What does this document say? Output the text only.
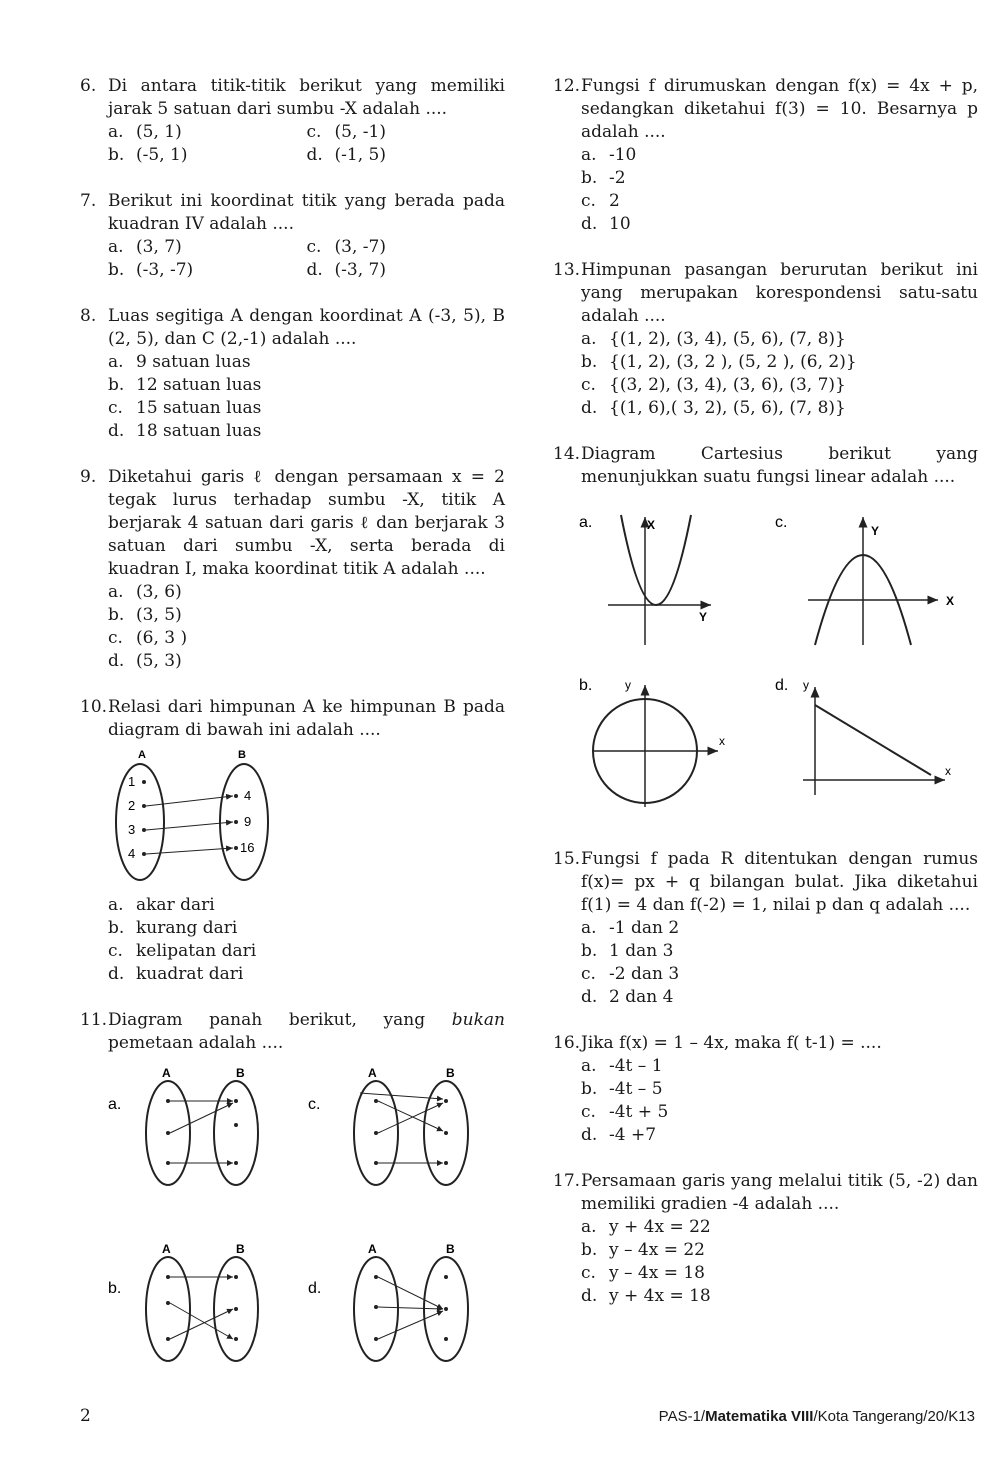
6. Di antara titik-titik berikut yang memiliki jarak 5 satuan dari sumbu -X adalah ....
a. (5, 1)	c. (5, -1)
b. (-5, 1)	d. (-1, 5)
7. Berikut ini koordinat titik yang berada pada kuadran IV adalah ....
a. (3, 7)	c. (3, -7)
b. (-3, -7)	d. (-3, 7)
8. Luas segitiga A dengan koordinat A (-3, 5), B (2, 5), dan C (2,-1) adalah ....
a. 9 satuan luas
b. 12 satuan luas
c. 15 satuan luas
d. 18 satuan luas
9. Diketahui garis ℓ dengan persamaan x = 2 tegak lurus terhadap sumbu -X, titik A berjarak 4 satuan dari garis ℓ dan berjarak 3 satuan dari sumbu -X, serta berada di kuadran I, maka koordinat titik A adalah ....
a. (3, 6)
b. (3, 5)
c. (6, 3 )
d. (5, 3)
10. Relasi dari himpunan A ke himpunan B pada diagram di bawah ini adalah ....
A	B
1
2
3
4
4
9
16
a. akar dari
b. kurang dari
c. kelipatan dari
d. kuadrat dari
11. Diagram panah berikut, yang bukan pemetaan adalah ....
a.
A	B
c.
A	B
b.
A	B
d.
A	B
12. Fungsi f dirumuskan dengan f(x) = 4x + p, sedangkan diketahui f(3) = 10. Besarnya p adalah ....
a. -10
b. -2
c. 2
d. 10
13. Himpunan pasangan berurutan berikut ini yang merupakan korespondensi satu-satu adalah ....
a. {(1, 2), (3, 4), (5, 6), (7, 8)}
b. {(1, 2), (3, 2 ), (5, 2 ), (6, 2)}
c. {(3, 2), (3, 4), (3, 6), (3, 7)}
d. {(1, 6),( 3, 2), (5, 6), (7, 8)}
14. Diagram Cartesius berikut yang menunjukkan suatu fungsi linear adalah ....
a.	X
Y
c.	Y
X
b.	y
x
d. y
x
15. Fungsi f pada R ditentukan dengan rumus f(x)= px + q bilangan bulat. Jika diketahui f(1) = 4 dan f(-2) = 1, nilai p dan q adalah ....
a. -1 dan 2
b. 1 dan 3
c. -2 dan 3
d. 2 dan 4
16. Jika f(x) = 1 – 4x, maka f( t-1) = ....
a. -4t – 1
b. -4t – 5
c. -4t + 5
d. -4 +7
17. Persamaan garis yang melalui titik (5, -2) dan memiliki gradien -4 adalah ....
a. y + 4x = 22
b. y – 4x = 22
c. y – 4x = 18
d. y + 4x = 18
2	PAS-1/Matematika VIII/Kota Tangerang/20/K13
